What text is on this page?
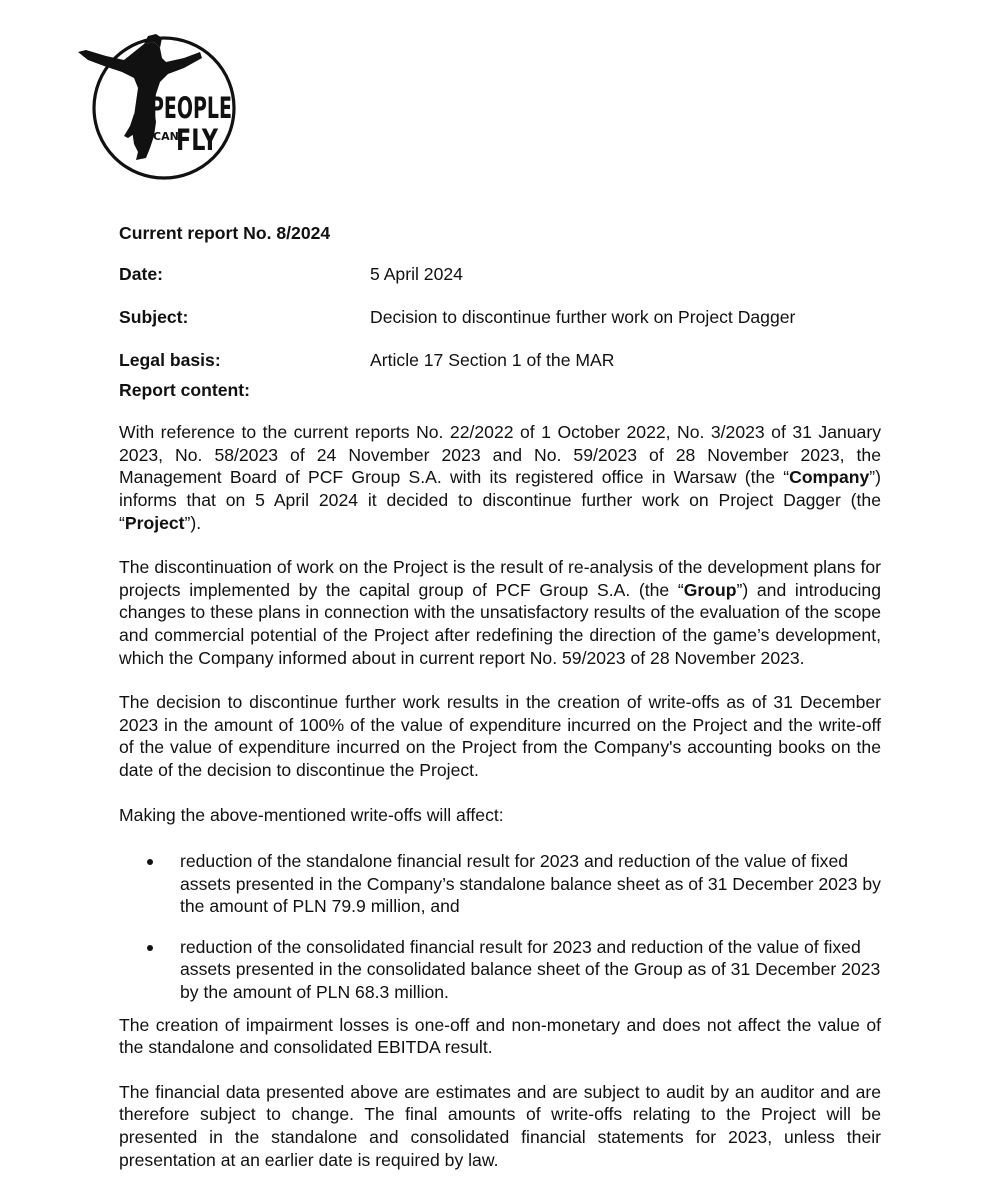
PEOPLE
CAN
FLY
Current report No. 8/2024
Date:	5 April 2024
Subject:	Decision to discontinue further work on Project Dagger
Legal basis:	Article 17 Section 1 of the MAR
Report content:

With reference to the current reports No. 22/2022 of 1 October 2022, No. 3/2023 of 31 January 2023, No. 58/2023 of 24 November 2023 and No. 59/2023 of 28 November 2023, the Management Board of PCF Group S.A. with its registered office in Warsaw (the “Company”) informs that on 5 April 2024 it decided to discontinue further work on Project Dagger (the “Project”).

The discontinuation of work on the Project is the result of re-analysis of the development plans for projects implemented by the capital group of PCF Group S.A. (the “Group”) and introducing changes to these plans in connection with the unsatisfactory results of the evaluation of the scope and commercial potential of the Project after redefining the direction of the game’s development, which the Company informed about in current report No. 59/2023 of 28 November 2023.

The decision to discontinue further work results in the creation of write-offs as of 31 December 2023 in the amount of 100% of the value of expenditure incurred on the Project and the write-off of the value of expenditure incurred on the Project from the Company's accounting books on the date of the decision to discontinue the Project.

Making the above-mentioned write-offs will affect:

reduction of the standalone financial result for 2023 and reduction of the value of fixed assets presented in the Company’s standalone balance sheet as of 31 December 2023 by the amount of PLN 79.9 million, and
reduction of the consolidated financial result for 2023 and reduction of the value of fixed assets presented in the consolidated balance sheet of the Group as of 31 December 2023 by the amount of PLN 68.3 million.

The creation of impairment losses is one-off and non-monetary and does not affect the value of the standalone and consolidated EBITDA result.

The financial data presented above are estimates and are subject to audit by an auditor and are therefore subject to change. The final amounts of write-offs relating to the Project will be presented in the standalone and consolidated financial statements for 2023, unless their presentation at an earlier date is required by law.
